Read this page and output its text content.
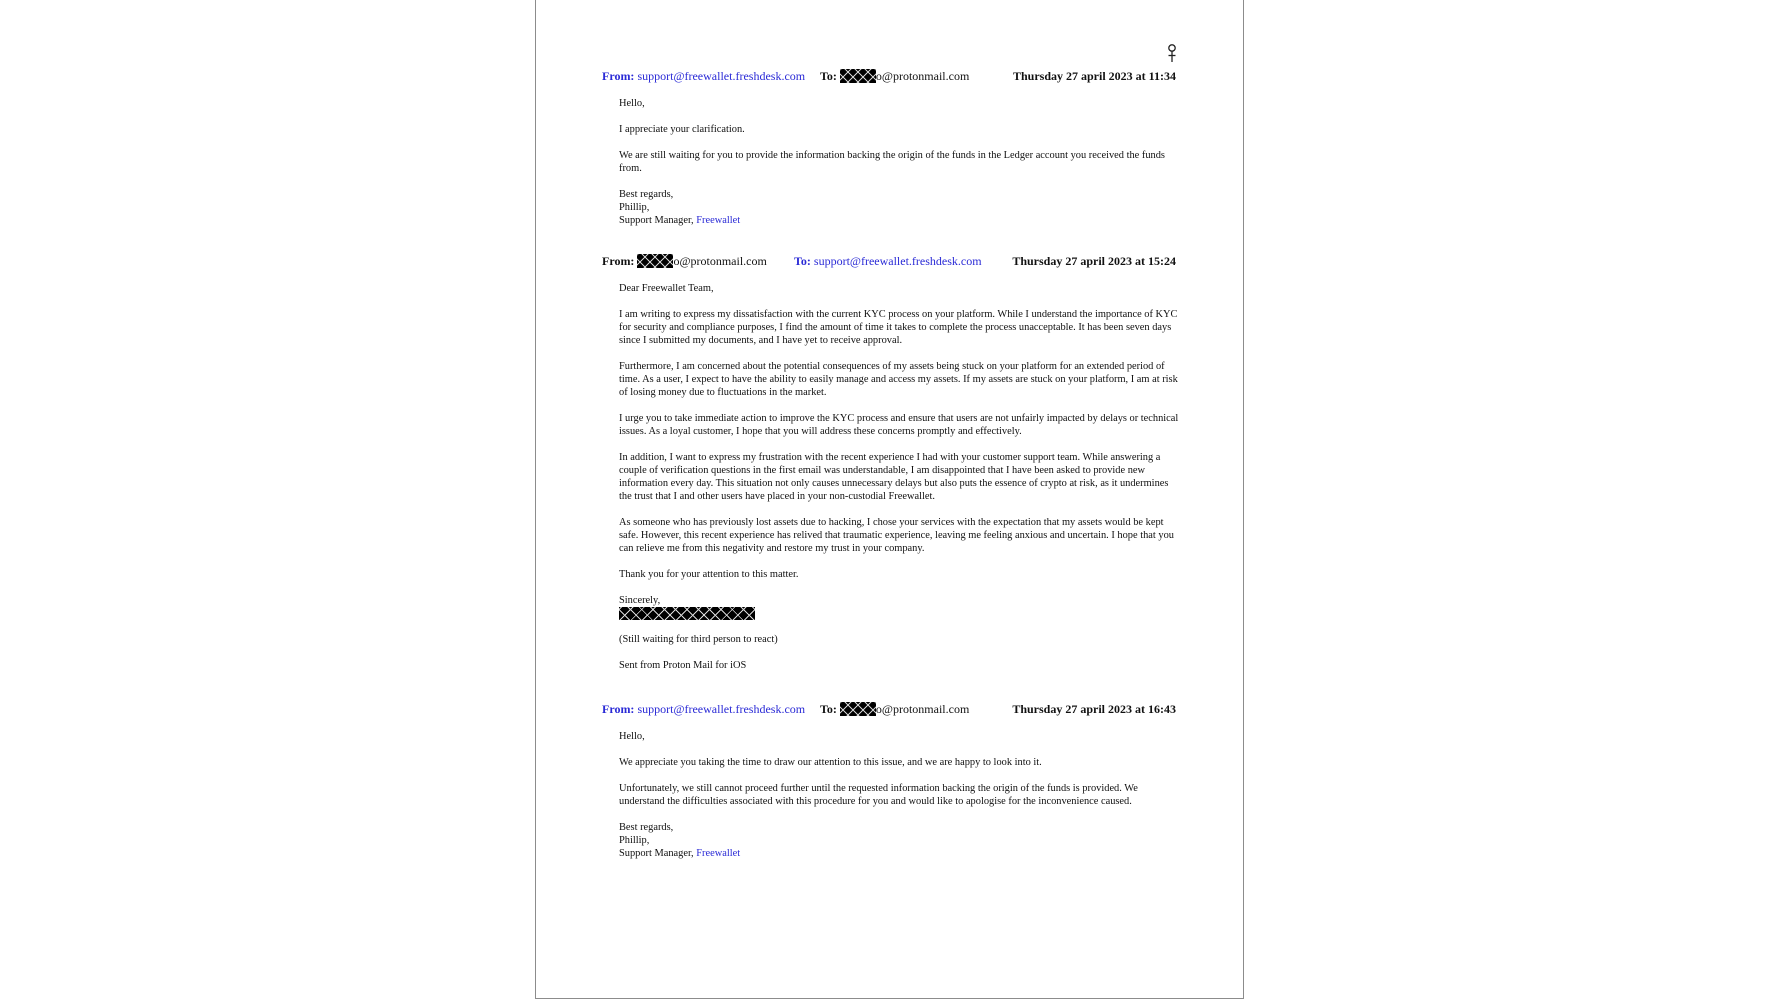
From: support@freewallet.freshdesk.com To:	o@protonmail.com	Thursday 27 april 2023 at 11:34

Hello,

I appreciate your clarification.

We are still waiting for you to provide the information backing the origin of the funds in the Ledger account you received the funds from.

Best regards,
Phillip,
Support Manager, Freewallet
From:	o@protonmail.com To: support@freewallet.freshdesk.com	Thursday 27 april 2023 at 15:24

Dear Freewallet Team,

I am writing to express my dissatisfaction with the current KYC process on your platform. While I understand the importance of KYC for security and compliance purposes, I find the amount of time it takes to complete the process unacceptable. It has been seven days since I submitted my documents, and I have yet to receive approval.

Furthermore, I am concerned about the potential consequences of my assets being stuck on your platform for an extended period of time. As a user, I expect to have the ability to easily manage and access my assets. If my assets are stuck on your platform, I am at risk of losing money due to fluctuations in the market.

I urge you to take immediate action to improve the KYC process and ensure that users are not unfairly impacted by delays or technical issues. As a loyal customer, I hope that you will address these concerns promptly and effectively.

In addition, I want to express my frustration with the recent experience I had with your customer support team. While answering a couple of verification questions in the first email was understandable, I am disappointed that I have been asked to provide new information every day. This situation not only causes unnecessary delays but also puts the essence of crypto at risk, as it undermines the trust that I and other users have placed in your non-custodial Freewallet.

As someone who has previously lost assets due to hacking, I chose your services with the expectation that my assets would be kept safe. However, this recent experience has relived that traumatic experience, leaving me feeling anxious and uncertain. I hope that you can relieve me from this negativity and restore my trust in your company.

Thank you for your attention to this matter.

Sincerely,

(Still waiting for third person to react)

Sent from Proton Mail for iOS

From: support@freewallet.freshdesk.com To:	o@protonmail.com	Thursday 27 april 2023 at 16:43

Hello,

We appreciate you taking the time to draw our attention to this issue, and we are happy to look into it.

Unfortunately, we still cannot proceed further until the requested information backing the origin of the funds is provided. We understand the difficulties associated with this procedure for you and would like to apologise for the inconvenience caused.

Best regards,
Phillip,
Support Manager, Freewallet
